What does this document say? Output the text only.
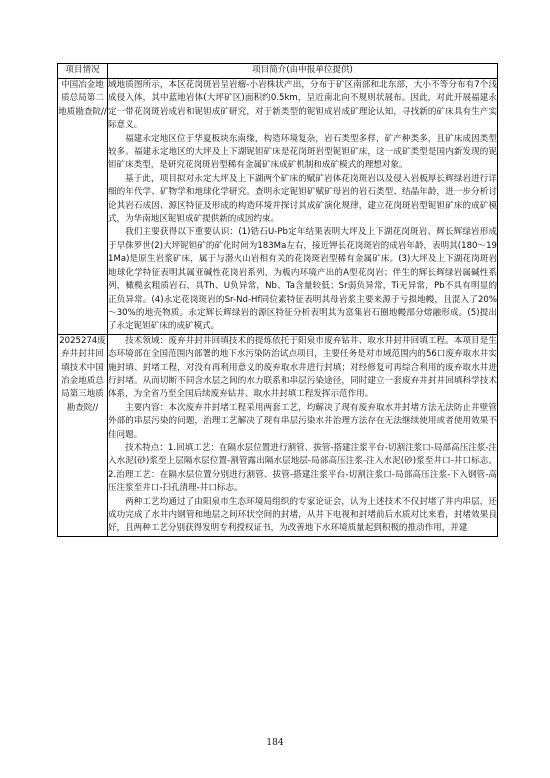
项目情况	项目简介(由申报单位提供)
中国冶金地质总局第二地质勘查院//	域地质图所示，本区花岗斑岩呈岩瘤-小岩株状产出，分布于矿区南部和北东部，大小不等分布有7个浅成侵入体，其中蓝地岩体(大坪矿区)面积约0.5km，呈近南北向不规则状展布。因此，对此开展福建永定一带花岗斑岩成岩和铌钽成矿研究，对于新类型的铌钽成岩成矿理论认知，寻找新的矿床具有生产实际意义。

福建永定地区位于华夏板块东南缘，构造环境复杂，岩石类型多样，矿产种类多，且矿床成因类型较多。福建永定地区的大坪及上下湖铌钽矿床是花岗斑岩型铌钽矿床，这一成矿类型是国内新发现的铌钽矿床类型，是研究花岗斑岩型稀有金属矿床成矿机制和成矿模式的理想对象。

基于此，项目拟对永定大坪及上下湖两个矿床的赋矿岩体花岗斑岩以及侵入岩板厚长辉绿岩进行详细的年代学、矿物学和地球化学研究。查明永定铌钽矿赋矿母岩的岩石类型、结晶年龄，进一步分析讨论其岩石成因、源区特征及形成的构造环境并探讨其成矿演化规律，建立花岗斑岩型铌钽矿床的成矿模式，为华南地区铌钽成矿提供新的成因约束。

我们主要获得以下重要认识：(1)锆石U-Pb定年结果表明大坪及上下湖花岗斑岩、辉长辉绿岩形成于早侏罗世(2)大坪铌钽矿的矿化时间为183Ma左右，接近钾长花岗斑岩的成岩年龄，表明其(180～191Ma)是原生岩浆矿床，属于与潜火山岩相有关的花岗斑岩型稀有金属矿床。(3)大坪及上下湖花岗斑岩地球化学特征表明其属亚碱性花岗岩系列，为板内环境产出的A型花岗岩；伴生的辉长辉绿岩属碱性系列，橄榄玄粗质岩石，具Th、U负异常，Nb、Ta含量较低；Sr弱负异常，Ti无异常，Pb不具有明显的正负异常。(4)永定花岗斑岩的Sr-Nd-Hf同位素特征表明其母岩浆主要来源于亏损地幔，且混入了20%～30%的地壳物质。永定辉长辉绿岩的源区特征分析表明其为富集岩石圈地幔部分熔融形成。(5)提出了永定铌钽矿床的成矿模式。

2025274废弃井封井回填技术中国冶金地质总局第三地质勘查院//	技术领域：废弃井封井回填技术的提炼依托于阳泉市废弃钻井、取水井封井回填工程。本项目是生态环境部在全国范围内部署的地下水污染防治试点项目，主要任务是对市域范围内的56口废弃取水井实施封填、封堵工程，对没有再利用意义的废弃取水井进行封填；对经修复可再综合利用的废弃取水井进行封堵。从而切断不同含水层之间的水力联系和串层污染途径，同时建立一套废弃井封井回填科学技术体系，为全省乃至全国后续废弃钻井、取水井封填工程发挥示范作用。

主要内容：本次废弃井封堵工程采用两套工艺，均解决了现有废弃取水井封堵方法无法防止井壁管外部的串层污染的问题，治理工艺解决了现有串层污染水井治理方法存在无法继续使用或者使用效果不佳问题。

技术特点：1.回填工艺：在隔水层位置进行割管、拔管-搭建注浆平台-切割注浆口-局部高压注浆-注入水泥(砂)浆至上层隔水层位置-割管露出隔水层地层-局部高压注浆-注入水泥(砂)浆至井口-井口标志。2.治理工艺：在隔水层位置分别进行割管、拔管-搭建注浆平台-切割注浆口-局部高压注浆-下入钢管-高压注浆至井口-扫孔清理-井口标志。

两种工艺均通过了由阳泉市生态环境局组织的专家论证会，认为上述技术不仅封堵了井内串层，还成功完成了水井内钢管和地层之间环状空间的封堵，从井下电视和封堵前后水质对比来看，封堵效果良好，且两种工艺分别获得发明专利授权证书，为改善地下水环境质量起到积极的推动作用，并建

184
